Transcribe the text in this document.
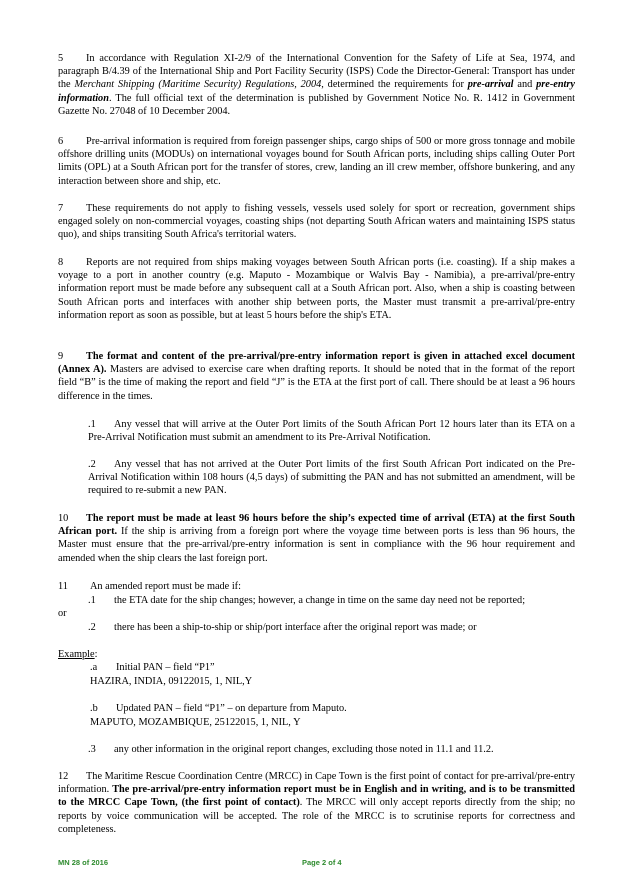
5 In accordance with Regulation XI-2/9 of the International Convention for the Safety of Life at Sea, 1974, and paragraph B/4.39 of the International Ship and Port Facility Security (ISPS) Code the Director-General: Transport has under the Merchant Shipping (Maritime Security) Regulations, 2004, determined the requirements for pre-arrival and pre-entry information. The full official text of the determination is published by Government Notice No. R. 1412 in Government Gazette No. 27048 of 10 December 2004.

6 Pre-arrival information is required from foreign passenger ships, cargo ships of 500 or more gross tonnage and mobile offshore drilling units (MODUs) on international voyages bound for South African ports, including ships calling Outer Port limits (OPL) at a South African port for the transfer of stores, crew, landing an ill crew member, offshore bunkering, and any interaction between shore and ship, etc.

7 These requirements do not apply to fishing vessels, vessels used solely for sport or recreation, government ships engaged solely on non-commercial voyages, coasting ships (not departing South African waters and maintaining ISPS status quo), and ships transiting South Africa's territorial waters.

8 Reports are not required from ships making voyages between South African ports (i.e. coasting). If a ship makes a voyage to a port in another country (e.g. Maputo - Mozambique or Walvis Bay - Namibia), a pre-arrival/pre-entry information report must be made before any subsequent call at a South African port. Also, when a ship is coasting between South African ports and interfaces with another ship between ports, the Master must transmit a pre-arrival/pre-entry information report as soon as possible, but at least 5 hours before the ship's ETA.

9 The format and content of the pre-arrival/pre-entry information report is given in attached excel document (Annex A). Masters are advised to exercise care when drafting reports. It should be noted that in the format of the report field “B” is the time of making the report and field “J” is the ETA at the first port of call. There should be at least a 96 hours difference in the times.

.1 Any vessel that will arrive at the Outer Port limits of the South African Port 12 hours later than its ETA on a Pre-Arrival Notification must submit an amendment to its Pre-Arrival Notification.

.2 Any vessel that has not arrived at the Outer Port limits of the first South African Port indicated on the Pre-Arrival Notification within 108 hours (4,5 days) of submitting the PAN and has not submitted an amendment, will be required to re-submit a new PAN.

10 The report must be made at least 96 hours before the ship’s expected time of arrival (ETA) at the first South African port. If the ship is arriving from a foreign port where the voyage time between ports is less than 96 hours, the Master must ensure that the pre-arrival/pre-entry information is sent in compliance with the 96 hour requirement and amended when the ship clears the last foreign port.

11 An amended report must be made if:

.1 the ETA date for the ship changes; however, a change in time on the same day need not be reported;

or

.2 there has been a ship-to-ship or ship/port interface after the original report was made; or

Example:

.a Initial PAN – field “P1”

HAZIRA, INDIA, 09122015, 1, NIL,Y

.b Updated PAN – field “P1” – on departure from Maputo.

MAPUTO, MOZAMBIQUE, 25122015, 1, NIL, Y

.3 any other information in the original report changes, excluding those noted in 11.1 and 11.2.

12 The Maritime Rescue Coordination Centre (MRCC) in Cape Town is the first point of contact for pre-arrival/pre-entry information. The pre-arrival/pre-entry information report must be in English and in writing, and is to be transmitted to the MRCC Cape Town, (the first point of contact). The MRCC will only accept reports directly from the ship; no reports by voice communication will be accepted. The role of the MRCC is to scrutinise reports for correctness and completeness.

MN 28 of 2016	Page 2 of 4
